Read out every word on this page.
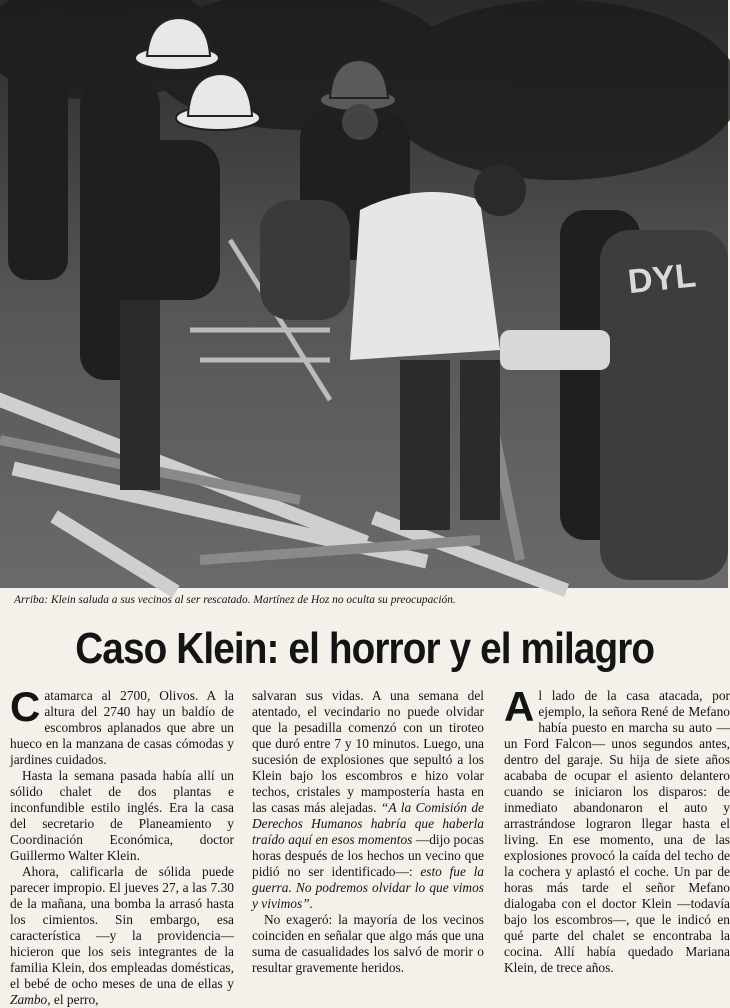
DYL
Arriba: Klein saluda a sus vecinos al ser rescatado. Martínez de Hoz no oculta su preocupación.
Caso Klein: el horror y el milagro

Catamarca al 2700, Olivos. A la altura del 2740 hay un baldío de escombros aplanados que abre un hueco en la manzana de casas cómodas y jardines cuidados.

Hasta la semana pasada había allí un sólido chalet de dos plantas e inconfundible estilo inglés. Era la casa del secretario de Planeamiento y Coordinación Económica, doctor Guillermo Walter Klein.

Ahora, calificarla de sólida puede parecer impropio. El jueves 27, a las 7.30 de la mañana, una bomba la arrasó hasta los cimientos. Sin embargo, esa característica —y la providencia— hicieron que los seis integrantes de la familia Klein, dos empleadas domésticas, el bebé de ocho meses de una de ellas y Zambo, el perro,

salvaran sus vidas. A una semana del atentado, el vecindario no puede olvidar que la pesadilla comenzó con un tiroteo que duró entre 7 y 10 minutos. Luego, una sucesión de explosiones que sepultó a los Klein bajo los escombros e hizo volar techos, cristales y mampostería hasta en las casas más alejadas. “A la Comisión de Derechos Humanos habría que haberla traído aquí en esos momentos —dijo pocas horas después de los hechos un vecino que pidió no ser identificado—: esto fue la guerra. No podremos olvidar lo que vimos y vivimos”.

No exageró: la mayoría de los vecinos coinciden en señalar que algo más que una suma de casualidades los salvó de morir o resultar gravemente heridos.

Al lado de la casa atacada, por ejemplo, la señora René de Mefano había puesto en marcha su auto —un Ford Falcon— unos segundos antes, dentro del garaje. Su hija de siete años acababa de ocupar el asiento delantero cuando se iniciaron los disparos: de inmediato abandonaron el auto y arrastrándose lograron llegar hasta el living. En ese momento, una de las explosiones provocó la caída del techo de la cochera y aplastó el coche. Un par de horas más tarde el señor Mefano dialogaba con el doctor Klein —todavía bajo los escombros—, que le indicó en qué parte del chalet se encontraba la cocina. Allí había quedado Mariana Klein, de trece años.
